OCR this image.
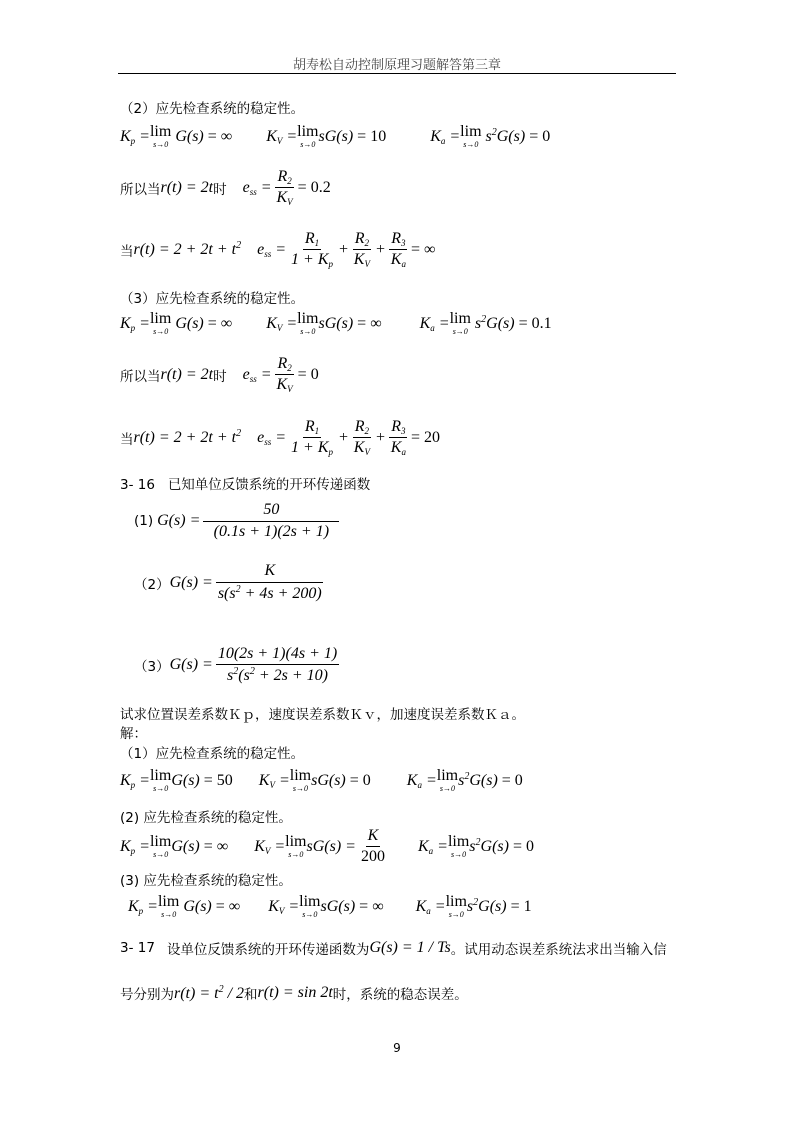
胡寿松自动控制原理习题解答第三章
（2）应先检查系统的稳定性。
$K_p = \lim$
s→0 G(s) = ∞ $K_V = \lim$
s→0 sG(s) = 10	$K_a = \lim$
s→0 $s^2G(s) = 0$
所以当 r(t) = 2t 时 $e_{ss} = \frac{R_2}{K_V} = 0.2$
当 $r(t) = 2 + 2t + t^2$ $e_{ss} = \frac{R_1}{1 + K_p} + \frac{R_2}{K_V} + \frac{R_3}{K_a}$ = ∞
（3）应先检查系统的稳定性。
$K_p = \lim$
s→0 G(s) = ∞ $K_V = \lim$
s→0 sG(s) = ∞ $K_a = \lim$
s→0 $s^2G(s) = 0.1$
所以当 r(t) = 2t 时 $e_{ss} = \frac{R_2}{K_V} = 0$
当 $r(t) = 2 + 2t + t^2$ $e_{ss} = \frac{R_1}{1 + K_p} + \frac{R_2}{K_V} + \frac{R_3}{K_a} = 20$
3- 16 已知单位反馈系统的开环传递函数
(1) $G(s) = \frac{50}{(0.1s + 1)(2s + 1)}$
（2） $G(s) = \frac{K}{s(s^2 + 4s + 200)}$
（3） $G(s) = \frac{10(2s + 1)(4s + 1)}{s^2(s^2 + 2s + 10)}$
试求位置误差系数Ｋｐ，速度误差系数Ｋｖ，加速度误差系数Ｋａ。
解：
（1）应先检查系统的稳定性。
$K_p = \lim$
s→0 G(s) = 50 $K_V = \lim$
s→0 sG(s) = 0 $K_a = \lim$
s→0 $s^2G(s) = 0$
(2) 应先检查系统的稳定性。
$K_p = \lim$
s→0 G(s) = ∞ $K_V = \lim$
s→0 $sG(s) = \frac{K}{200} K_a = \lim$
s→0 $s^2G(s) = 0$
(3) 应先检查系统的稳定性。
$K_p = \lim$
s→0 G(s) = ∞ $K_V = \lim$
s→0 sG(s) = ∞ $K_a = \lim$
s→0 $s^2G(s) = 1$
3- 17 设单位反馈系统的开环传递函数为 G(s) = 1 / Ts 。试用动态误差系统法求出当输入信
号分别为 $r(t) = t^2 / 2$ 和 r(t) = sin 2t 时，系统的稳态误差。
9
